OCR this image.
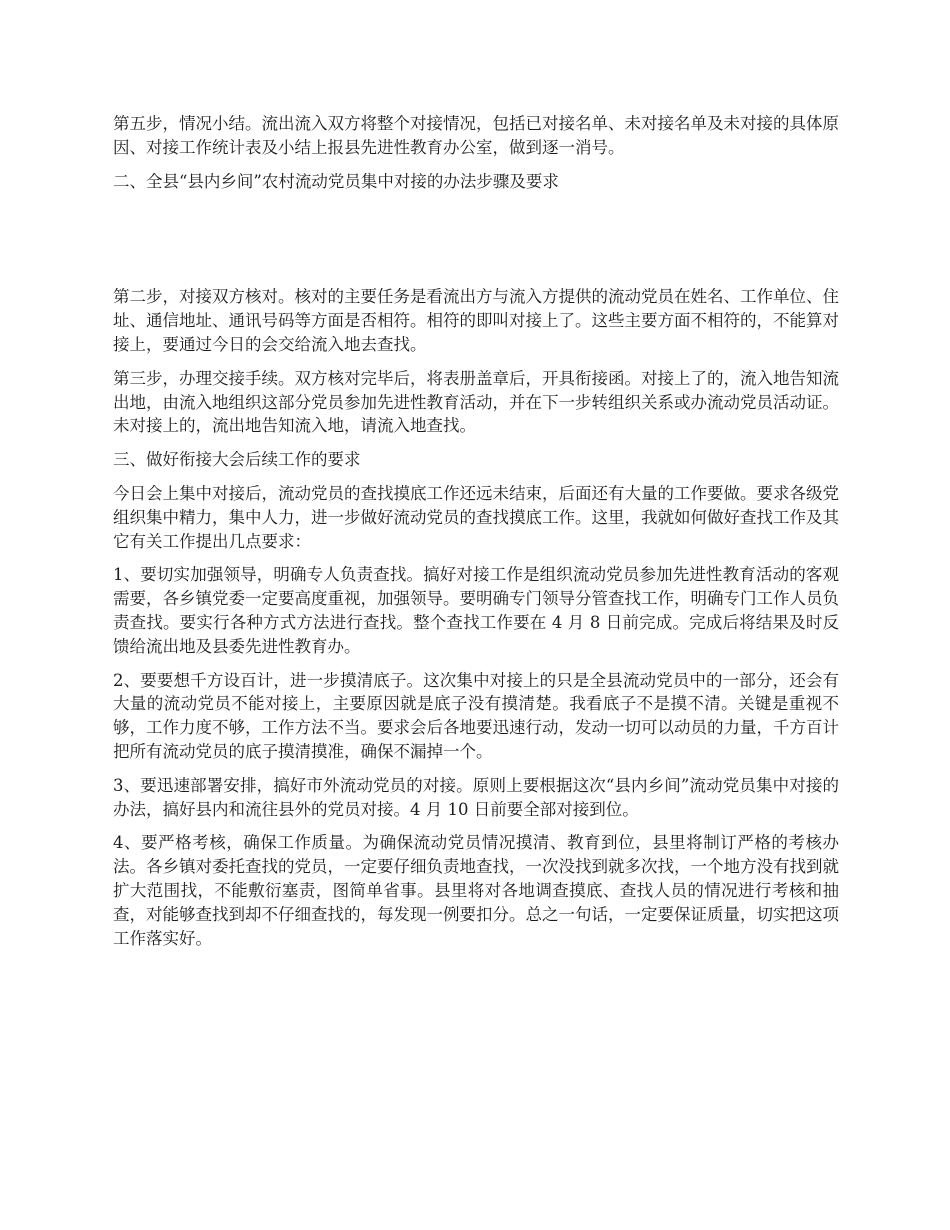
第五步，情况小结。流出流入双方将整个对接情况，包括已对接名单、未对接名单及未对接的具体原因、对接工作统计表及小结上报县先进性教育办公室，做到逐一消号。

二、全县“县内乡间”农村流动党员集中对接的办法步骤及要求

第二步，对接双方核对。核对的主要任务是看流出方与流入方提供的流动党员在姓名、工作单位、住址、通信地址、通讯号码等方面是否相符。相符的即叫对接上了。这些主要方面不相符的，不能算对接上，要通过今日的会交给流入地去查找。

第三步，办理交接手续。双方核对完毕后，将表册盖章后，开具衔接函。对接上了的，流入地告知流出地，由流入地组织这部分党员参加先进性教育活动，并在下一步转组织关系或办流动党员活动证。未对接上的，流出地告知流入地，请流入地查找。

三、做好衔接大会后续工作的要求

今日会上集中对接后，流动党员的查找摸底工作还远未结束，后面还有大量的工作要做。要求各级党组织集中精力，集中人力，进一步做好流动党员的查找摸底工作。这里，我就如何做好查找工作及其它有关工作提出几点要求：

1、要切实加强领导，明确专人负责查找。搞好对接工作是组织流动党员参加先进性教育活动的客观需要，各乡镇党委一定要高度重视，加强领导。要明确专门领导分管查找工作，明确专门工作人员负责查找。要实行各种方式方法进行查找。整个查找工作要在 4 月 8 日前完成。完成后将结果及时反馈给流出地及县委先进性教育办。

2、要要想千方设百计，进一步摸清底子。这次集中对接上的只是全县流动党员中的一部分，还会有大量的流动党员不能对接上，主要原因就是底子没有摸清楚。我看底子不是摸不清。关键是重视不够，工作力度不够，工作方法不当。要求会后各地要迅速行动，发动一切可以动员的力量，千方百计把所有流动党员的底子摸清摸准，确保不漏掉一个。

3、要迅速部署安排，搞好市外流动党员的对接。原则上要根据这次“县内乡间”流动党员集中对接的办法，搞好县内和流往县外的党员对接。4 月 10 日前要全部对接到位。

4、要严格考核，确保工作质量。为确保流动党员情况摸清、教育到位，县里将制订严格的考核办法。各乡镇对委托查找的党员，一定要仔细负责地查找，一次没找到就多次找，一个地方没有找到就扩大范围找，不能敷衍塞责，图简单省事。县里将对各地调查摸底、查找人员的情况进行考核和抽查，对能够查找到却不仔细查找的，每发现一例要扣分。总之一句话，一定要保证质量，切实把这项工作落实好。
